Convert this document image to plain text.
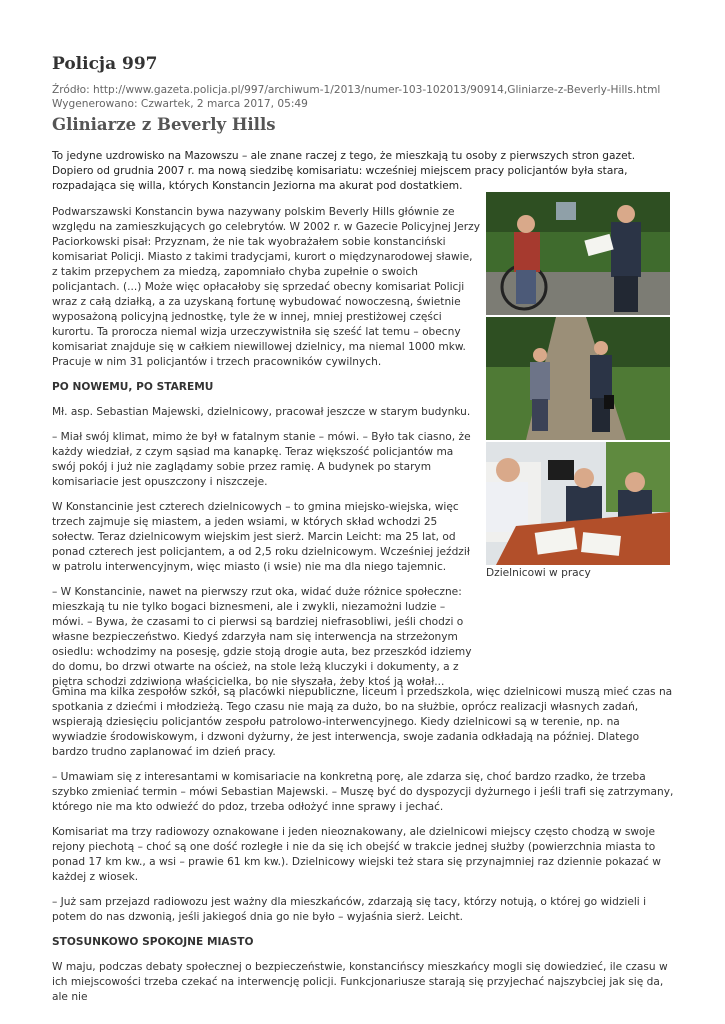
Policja 997
Źródło: http://www.gazeta.policja.pl/997/archiwum-1/2013/numer-103-102013/90914,Gliniarze-z-Beverly-Hills.html
Wygenerowano: Czwartek, 2 marca 2017, 05:49
Gliniarze z Beverly Hills

To jedyne uzdrowisko na Mazowszu – ale znane raczej z tego, że mieszkają tu osoby z pierwszych stron gazet. Dopiero od grudnia 2007 r. ma nową siedzibę komisariatu: wcześniej miejscem pracy policjantów była stara, rozpadająca się willa, których Konstancin Jeziorna ma akurat pod dostatkiem.

Podwarszawski Konstancin bywa nazywany polskim Beverly Hills głównie ze względu na zamieszkujących go celebrytów. W 2002 r. w Gazecie Policyjnej Jerzy Paciorkowski pisał: Przyznam, że nie tak wyobrażałem sobie konstanciński komisariat Policji. Miasto z takimi tradycjami, kurort o międzynarodowej sławie, z takim przepychem za miedzą, zapomniało chyba zupełnie o swoich policjantach. (...) Może więc opłacałoby się sprzedać obecny komisariat Policji wraz z całą działką, a za uzyskaną fortunę wybudować nowoczesną, świetnie wyposażoną policyjną jednostkę, tyle że w innej, mniej prestiżowej części kurortu. Ta proroczа niemal wizja urzeczywistniła się sześć lat temu – obecny komisariat znajduje się w całkiem niewillowej dzielnicy, ma niemal 1000 mkw. Pracuje w nim 31 policjantów i trzech pracowników cywilnych.

PO NOWEMU, PO STAREMU

Mł. asp. Sebastian Majewski, dzielnicowy, pracował jeszcze w starym budynku.

– Miał swój klimat, mimo że był w fatalnym stanie – mówi. – Było tak ciasno, że każdy wiedział, z czym sąsiad ma kanapkę. Teraz większość policjantów ma swój pokój i już nie zaglądamy sobie przez ramię. A budynek po starym komisariacie jest opuszczony i niszczeje.

W Konstancinie jest czterech dzielnicowych – to gmina miejsko-wiejska, więc trzech zajmuje się miastem, a jeden wsiami, w których skład wchodzi 25 sołectw. Teraz dzielnicowym wiejskim jest sierż. Marcin Leicht: ma 25 lat, od ponad czterech jest policjantem, a od 2,5 roku dzielnicowym. Wcześniej jeździł w patrolu interwencyjnym, więc miasto (i wsie) nie ma dla niego tajemnic.

– W Konstancinie, nawet na pierwszy rzut oka, widać duże różnice społeczne: mieszkają tu nie tylko bogaci biznesmeni, ale i zwykli, niezamożni ludzie – mówi. – Bywa, że czasami to ci pierwsi są bardziej niefrasobliwi, jeśli chodzi o własne bezpieczeństwo. Kiedyś zdarzyła nam się interwencja na strzeżonym osiedlu: wchodzimy na posesję, gdzie stoją drogie auta, bez przeszkód idziemy do domu, bo drzwi otwarte na oścież, na stole leżą kluczyki i dokumenty, a z piętra schodzi zdziwiona właścicielka, bo nie słyszała, żeby ktoś ją wołał...

Dzielnicowi w pracy

Gmina ma kilka zespołów szkół, są placówki niepubliczne, liceum i przedszkola, więc dzielnicowi muszą mieć czas na spotkania z dziećmi i młodzieżą. Tego czasu nie mają za dużo, bo na służbie, oprócz realizacji własnych zadań, wspierają dziesięciu policjantów zespołu patrolowo-interwencyjnego. Kiedy dzielnicowi są w terenie, np. na wywiadzie środowiskowym, i dzwoni dyżurny, że jest interwencja, swoje zadania odkładają na później. Dlatego bardzo trudno zaplanować im dzień pracy.

– Umawiam się z interesantami w komisariacie na konkretną porę, ale zdarza się, choć bardzo rzadko, że trzeba szybko zmieniać termin – mówi Sebastian Majewski. – Muszę być do dyspozycji dyżurnego i jeśli trafi się zatrzymany, którego nie ma kto odwieźć do pdoz, trzeba odłożyć inne sprawy i jechać.

Komisariat ma trzy radiowozy oznakowane i jeden nieoznakowany, ale dzielnicowi miejscy często chodzą w swoje rejony piechotą – choć są one dość rozległe i nie da się ich obejść w trakcie jednej służby (powierzchnia miasta to ponad 17 km kw., a wsi – prawie 61 km kw.). Dzielnicowy wiejski też stara się przynajmniej raz dziennie pokazać w każdej z wiosek.

– Już sam przejazd radiowozu jest ważny dla mieszkańców, zdarzają się tacy, którzy notują, o której go widzieli i potem do nas dzwonią, jeśli jakiegoś dnia go nie było – wyjaśnia sierż. Leicht.

STOSUNKOWO SPOKOJNE MIASTO

W maju, podczas debaty społecznej o bezpieczeństwie, konstancińscy mieszkańcy mogli się dowiedzieć, ile czasu w ich miejscowości trzeba czekać na interwencję policji. Funkcjonariusze starają się przyjechać najszybciej jak się da, ale nie
